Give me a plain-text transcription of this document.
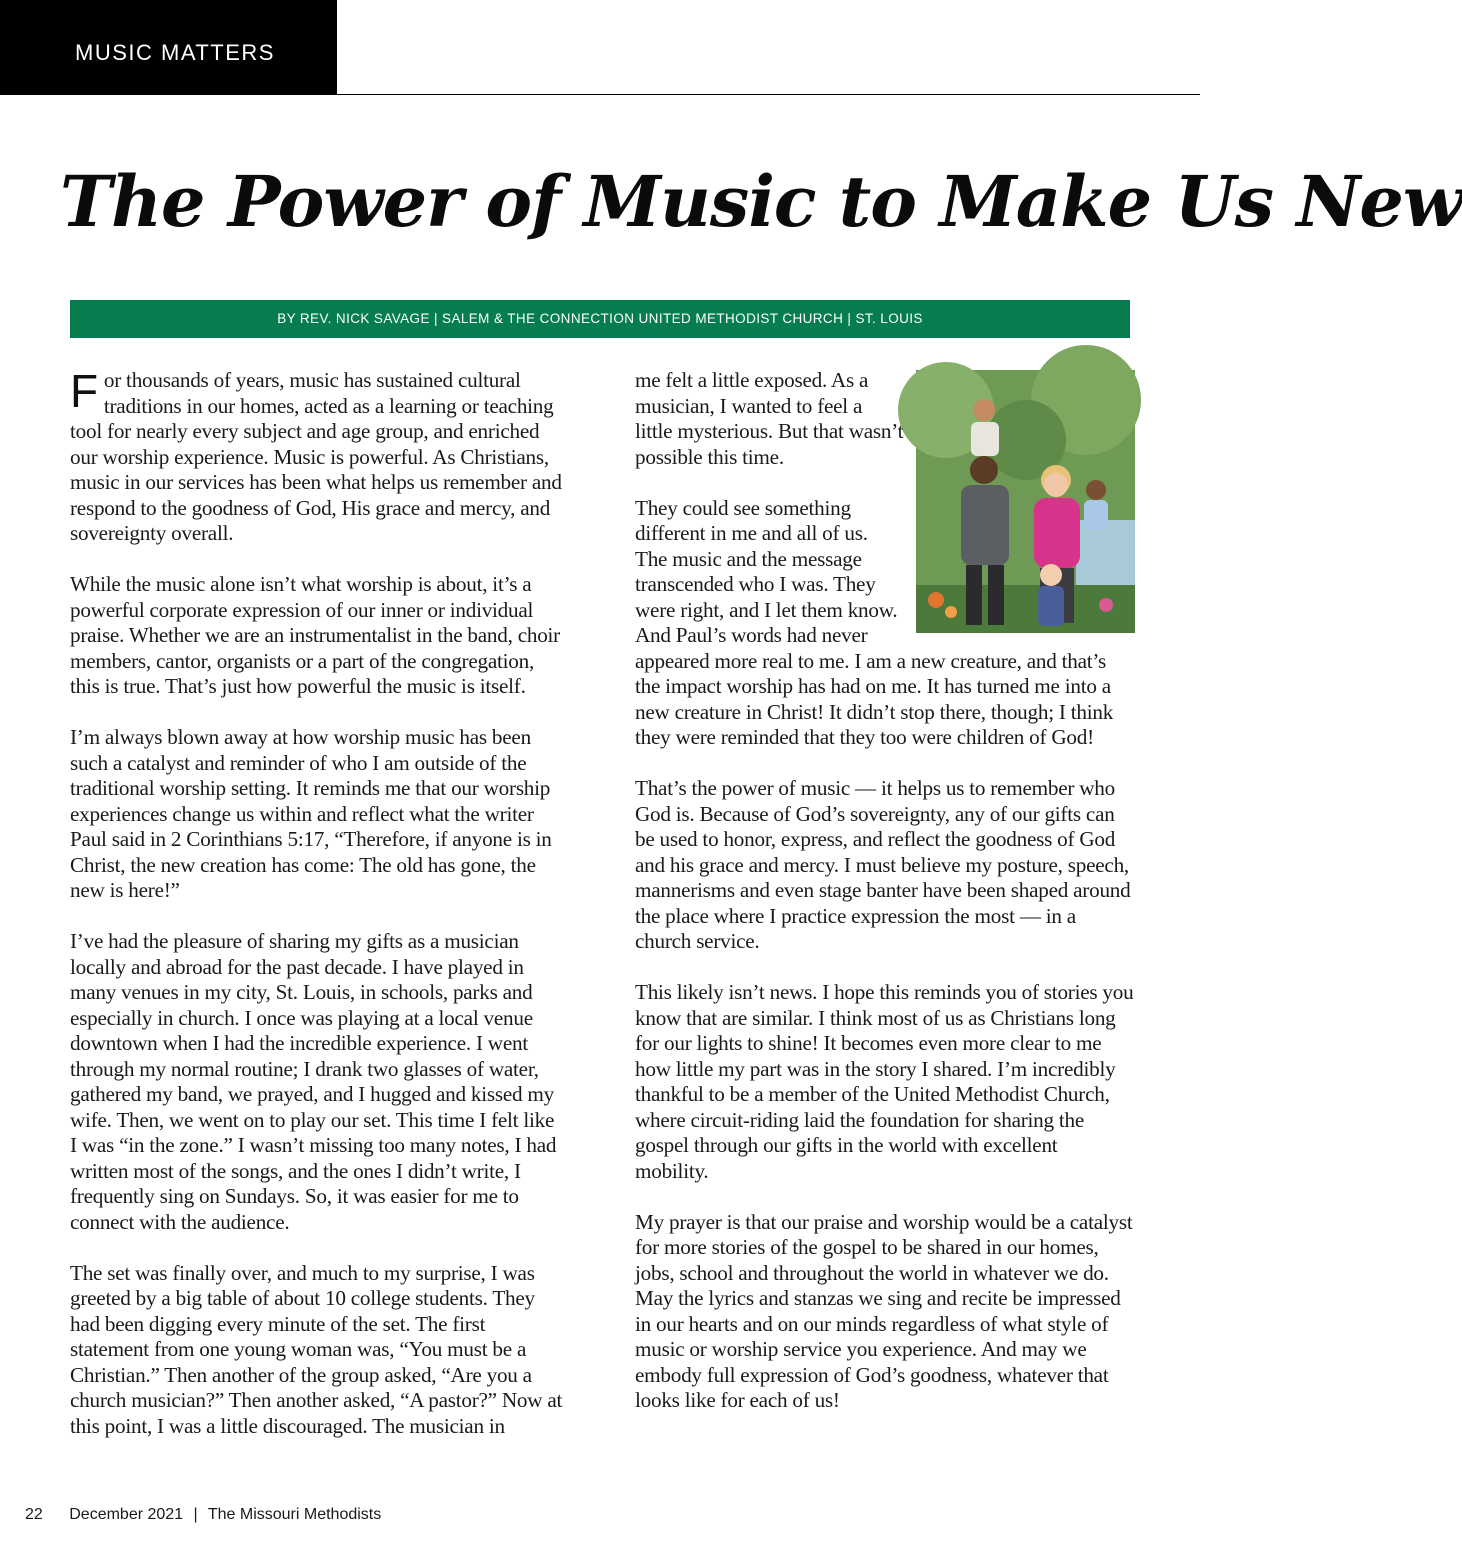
MUSIC MATTERS
The Power of Music to Make Us New
BY REV. NICK SAVAGE | SALEM & THE CONNECTION UNITED METHODIST CHURCH | ST. LOUIS

For thousands of years, music has sustained cultural traditions in our homes, acted as a learning or teaching tool for nearly every subject and age group, and enriched our worship experience. Music is powerful. As Christians, music in our services has been what helps us remember and respond to the goodness of God, His grace and mercy, and sovereignty overall.

While the music alone isn’t what worship is about, it’s a powerful corporate expression of our inner or individual praise. Whether we are an instrumentalist in the band, choir members, cantor, organists or a part of the congregation, this is true. That’s just how powerful the music is itself.

I’m always blown away at how worship music has been such a catalyst and reminder of who I am outside of the traditional worship setting. It reminds me that our worship experiences change us within and reflect what the writer Paul said in 2 Corinthians 5:17, “Therefore, if anyone is in Christ, the new creation has come: The old has gone, the new is here!”

I’ve had the pleasure of sharing my gifts as a musician locally and abroad for the past decade. I have played in many venues in my city, St. Louis, in schools, parks and especially in church. I once was playing at a local venue downtown when I had the incredible experience. I went through my normal routine; I drank two glasses of water, gathered my band, we prayed, and I hugged and kissed my wife. Then, we went on to play our set. This time I felt like I was “in the zone.” I wasn’t missing too many notes, I had written most of the songs, and the ones I didn’t write, I frequently sing on Sundays. So, it was easier for me to connect with the audience.

The set was finally over, and much to my surprise, I was greeted by a big table of about 10 college students. They had been digging every minute of the set. The first statement from one young woman was, “You must be a Christian.” Then another of the group asked, “Are you a church musician?” Then another asked, “A pastor?” Now at this point, I was a little discouraged. The musician in

me felt a little exposed. As a musician, I wanted to feel a little mysterious. But that wasn’t possible this time.

They could see something different in me and all of us. The music and the message transcended who I was. They were right, and I let them know. And Paul’s words had never appeared more real to me. I am a new creature, and that’s the impact worship has had on me. It has turned me into a new creature in Christ! It didn’t stop there, though; I think they were reminded that they too were children of God!

That’s the power of music — it helps us to remember who God is. Because of God’s sovereignty, any of our gifts can be used to honor, express, and reflect the goodness of God and his grace and mercy. I must believe my posture, speech, mannerisms and even stage banter have been shaped around the place where I practice expression the most — in a church service.

This likely isn’t news. I hope this reminds you of stories you know that are similar. I think most of us as Christians long for our lights to shine! It becomes even more clear to me how little my part was in the story I shared. I’m incredibly thankful to be a member of the United Methodist Church, where circuit-riding laid the foundation for sharing the gospel through our gifts in the world with excellent mobility.

My prayer is that our praise and worship would be a catalyst for more stories of the gospel to be shared in our homes, jobs, school and throughout the world in whatever we do. May the lyrics and stanzas we sing and recite be impressed in our hearts and on our minds regardless of what style of music or worship service you experience. And may we embody full expression of God’s goodness, whatever that looks like for each of us!

22 December 2021 | The Missouri Methodists
